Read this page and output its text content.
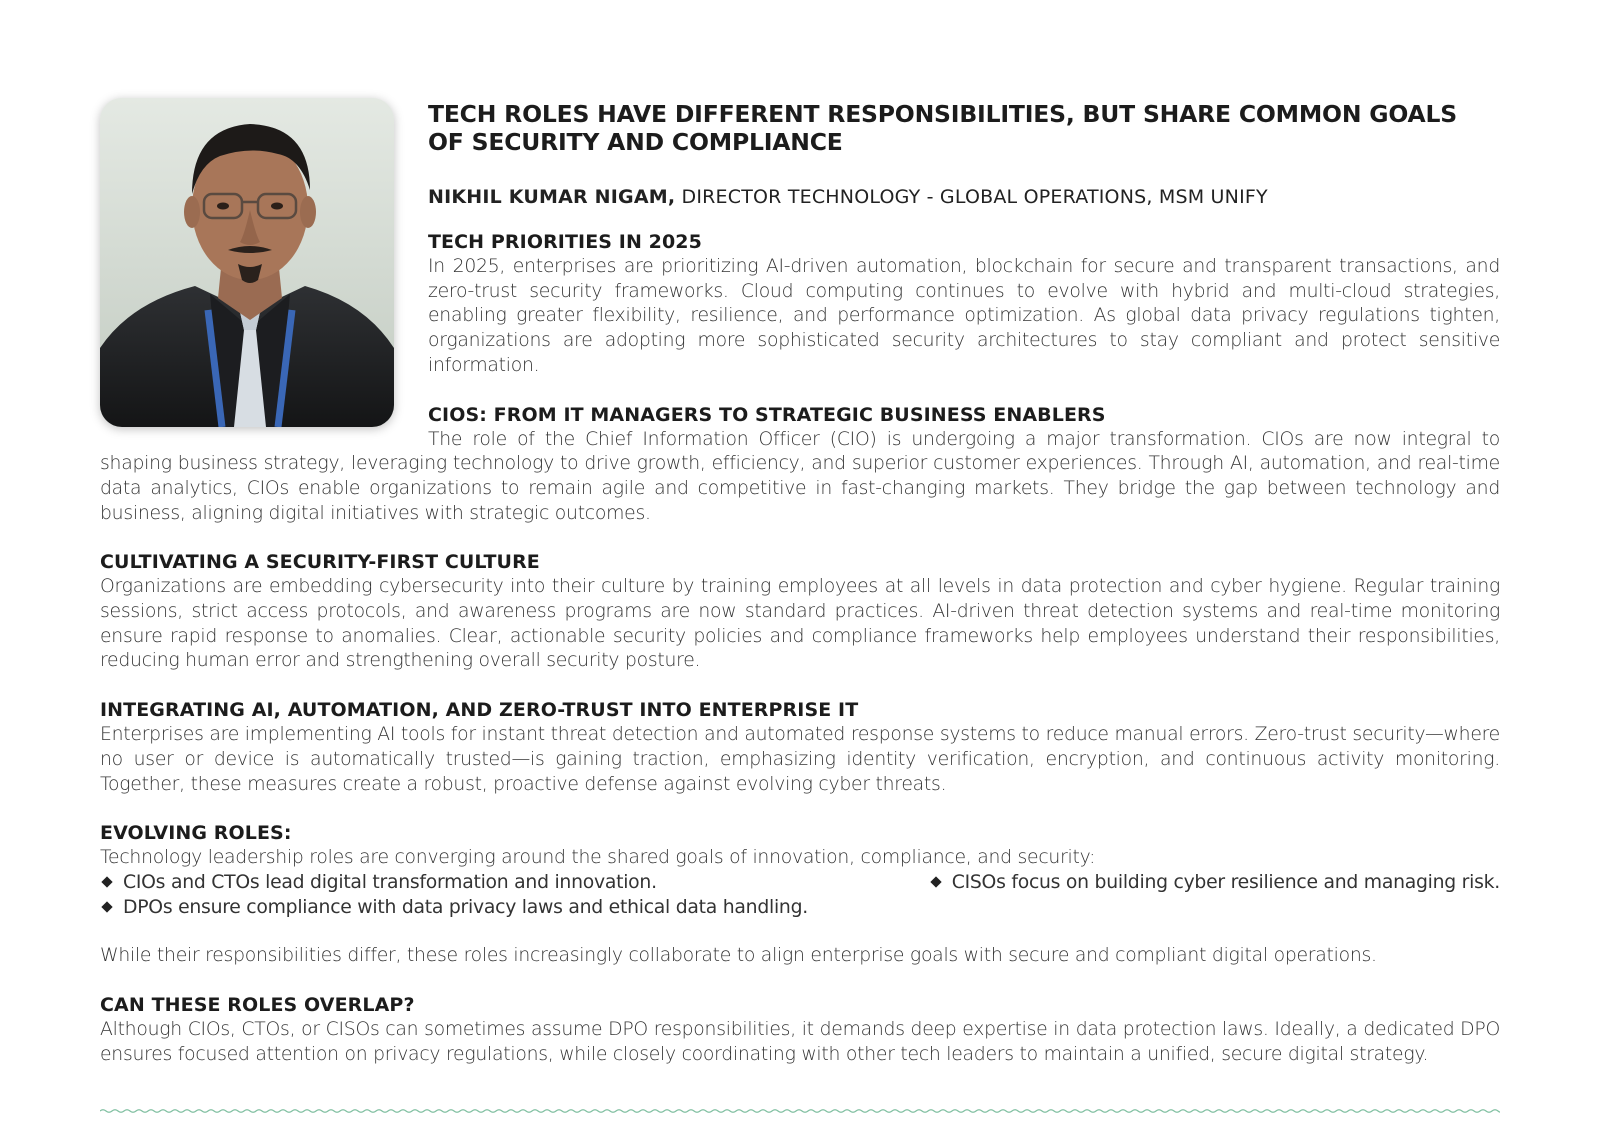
TECH ROLES HAVE DIFFERENT RESPONSIBILITIES, BUT SHARE COMMON GOALS OF SECURITY AND COMPLIANCE

NIKHIL KUMAR NIGAM, DIRECTOR TECHNOLOGY - GLOBAL OPERATIONS, MSM UNIFY

TECH PRIORITIES IN 2025

In 2025, enterprises are prioritizing AI-driven automation, blockchain for secure and transparent transactions, and zero-trust security frameworks. Cloud computing continues to evolve with hybrid and multi-cloud strategies, enabling greater flexibility, resilience, and performance optimization. As global data privacy regulations tighten, organizations are adopting more sophisticated security architectures to stay compliant and protect sensitive information.

CIOS: FROM IT MANAGERS TO STRATEGIC BUSINESS ENABLERS

The role of the Chief Information Officer (CIO) is undergoing a major transformation. CIOs are now integral to shaping business strategy, leveraging technology to drive growth, efficiency, and superior customer experiences. Through AI, automation, and real-time data analytics, CIOs enable organizations to remain agile and competitive in fast-changing markets. They bridge the gap between technology and business, aligning digital initiatives with strategic outcomes.

CULTIVATING A SECURITY-FIRST CULTURE

Organizations are embedding cybersecurity into their culture by training employees at all levels in data protection and cyber hygiene. Regular training sessions, strict access protocols, and awareness programs are now standard practices. AI-driven threat detection systems and real-time monitoring ensure rapid response to anomalies. Clear, actionable security policies and compliance frameworks help employees understand their responsibilities, reducing human error and strengthening overall security posture.

INTEGRATING AI, AUTOMATION, AND ZERO-TRUST INTO ENTERPRISE IT

Enterprises are implementing AI tools for instant threat detection and automated response systems to reduce manual errors. Zero-trust security—where no user or device is automatically trusted—is gaining traction, emphasizing identity verification, encryption, and continuous activity monitoring. Together, these measures create a robust, proactive defense against evolving cyber threats.

EVOLVING ROLES:

Technology leadership roles are converging around the shared goals of innovation, compliance, and security:

CIOs and CTOs lead digital transformation and innovation.	CISOs focus on building cyber resilience and managing risk.
DPOs ensure compliance with data privacy laws and ethical data handling.

While their responsibilities differ, these roles increasingly collaborate to align enterprise goals with secure and compliant digital operations.

CAN THESE ROLES OVERLAP?

Although CIOs, CTOs, or CISOs can sometimes assume DPO responsibilities, it demands deep expertise in data protection laws. Ideally, a dedicated DPO ensures focused attention on privacy regulations, while closely coordinating with other tech leaders to maintain a unified, secure digital strategy.
